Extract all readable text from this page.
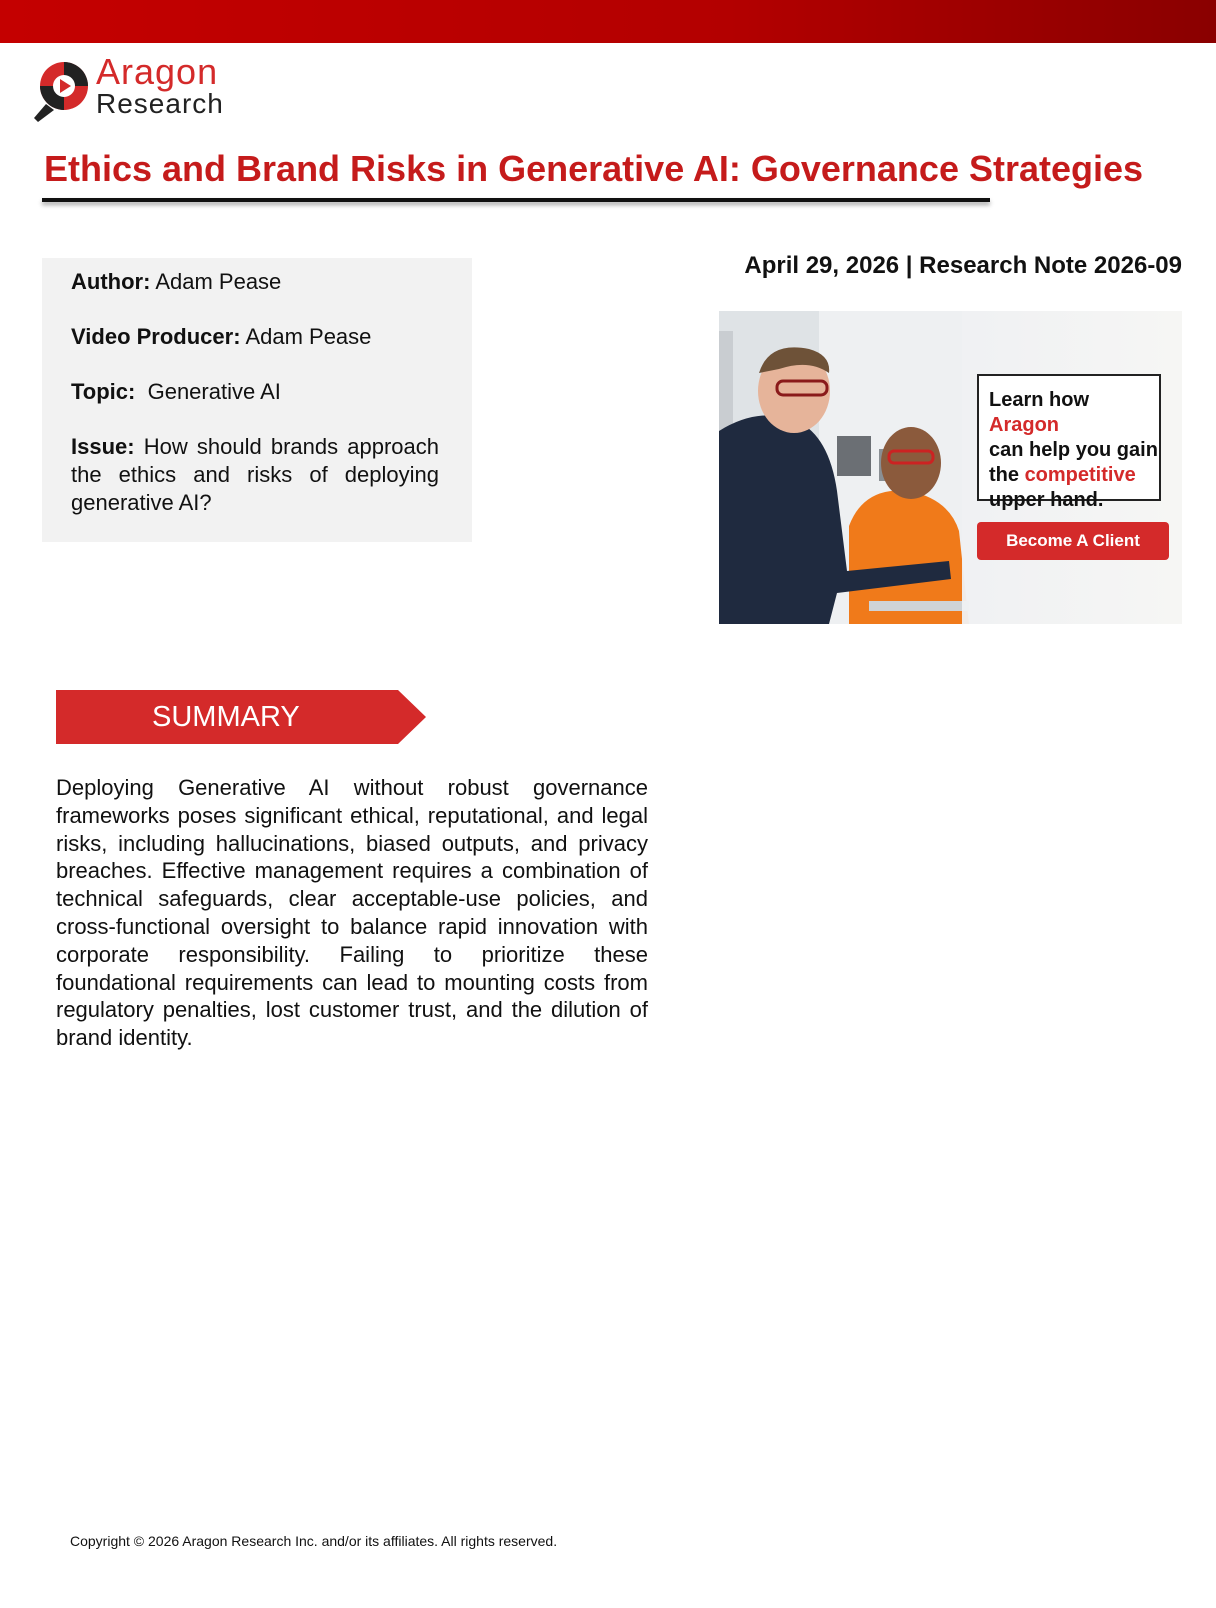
Aragon
Research
Ethics and Brand Risks in Generative AI: Governance Strategies
Author: Adam Pease
Video Producer: Adam Pease
Topic: Generative AI
Issue: How should brands approach the ethics and risks of deploying generative AI?
April 29, 2026 | Research Note 2026-09
Learn how Aragon
can help you gain
the competitive
upper hand.
Become A Client
SUMMARY

Deploying Generative AI without robust governance frameworks poses significant ethical, reputational, and legal risks, including hallucinations, biased outputs, and privacy breaches. Effective management requires a combination of technical safeguards, clear acceptable-use policies, and cross-functional oversight to balance rapid innovation with corporate responsibility. Failing to prioritize these foundational requirements can lead to mounting costs from regulatory penalties, lost customer trust, and the dilution of brand identity.

Copyright © 2026 Aragon Research Inc. and/or its affiliates. All rights reserved.
